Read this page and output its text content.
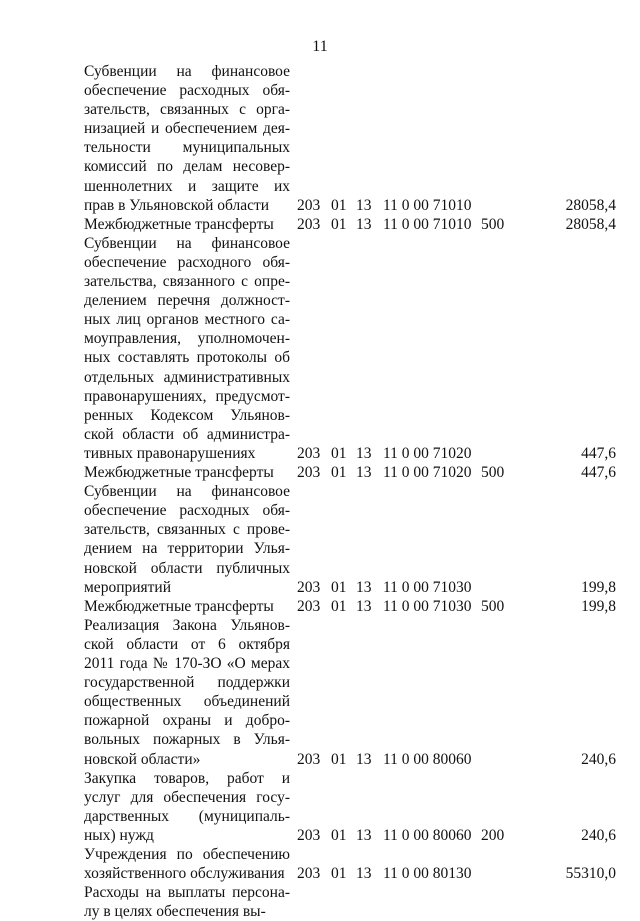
11
Субвенции на финансовое
обеспечение расходных обя-
зательств, связанных с орга-
низацией и обеспечением дея-
тельности муниципальных
комиссий по делам несовер-
шеннолетних и защите их
прав в Ульяновской области	203 01 13 11 0 00 71010	28058,4
Межбюджетные трансферты	203 01 13 11 0 00 71010 500	28058,4
Субвенции на финансовое
обеспечение расходного обя-
зательства, связанного с опре-
делением перечня должност-
ных лиц органов местного са-
моуправления, уполномочен-
ных составлять протоколы об
отдельных административных
правонарушениях, предусмот-
ренных Кодексом Ульянов-
ской области об администра-
тивных правонарушениях	203 01 13 11 0 00 71020	447,6
Межбюджетные трансферты	203 01 13 11 0 00 71020 500	447,6
Субвенции на финансовое
обеспечение расходных обя-
зательств, связанных с прове-
дением на территории Улья-
новской области публичных
мероприятий	203 01 13 11 0 00 71030	199,8
Межбюджетные трансферты	203 01 13 11 0 00 71030 500	199,8
Реализация Закона Ульянов-
ской области от 6 октября
2011 года № 170-ЗО «О мерах
государственной поддержки
общественных объединений
пожарной охраны и добро-
вольных пожарных в Улья-
новской области»	203 01 13 11 0 00 80060	240,6
Закупка товаров, работ и
услуг для обеспечения госу-
дарственных (муниципаль-
ных) нужд	203 01 13 11 0 00 80060 200	240,6
Учреждения по обеспечению
хозяйственного обслуживания 203 01 13 11 0 00 80130	55310,0
Расходы на выплаты персона-
лу в целях обеспечения вы-
